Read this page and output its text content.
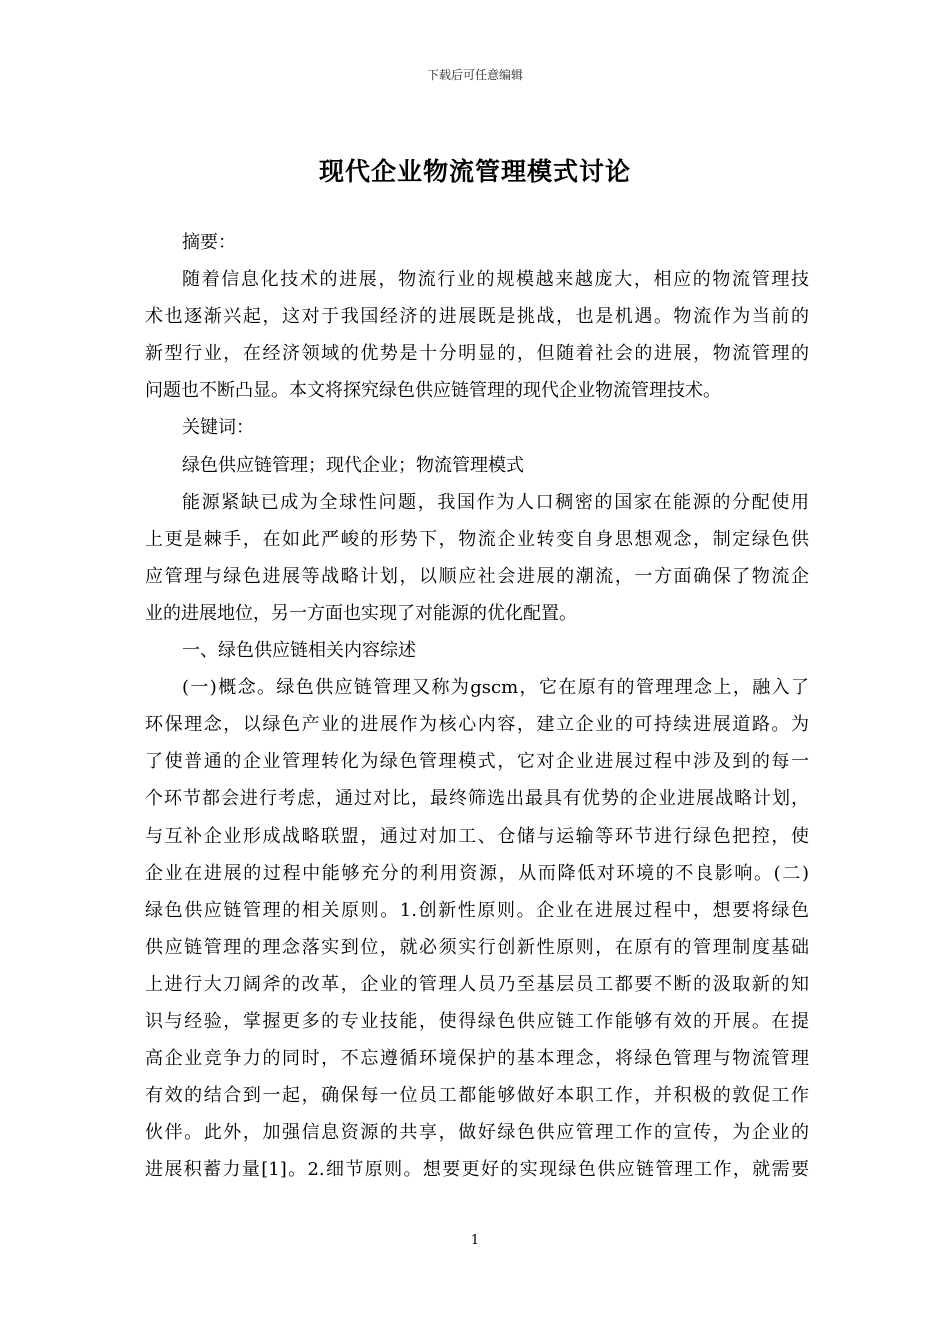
下载后可任意编辑
现代企业物流管理模式讨论
摘要：
随着信息化技术的进展，物流行业的规模越来越庞大，相应的物流管理技
术也逐渐兴起，这对于我国经济的进展既是挑战，也是机遇。物流作为当前的
新型行业，在经济领域的优势是十分明显的，但随着社会的进展，物流管理的
问题也不断凸显。本文将探究绿色供应链管理的现代企业物流管理技术。
关键词：
绿色供应链管理；现代企业；物流管理模式
能源紧缺已成为全球性问题，我国作为人口稠密的国家在能源的分配使用
上更是棘手，在如此严峻的形势下，物流企业转变自身思想观念，制定绿色供
应管理与绿色进展等战略计划，以顺应社会进展的潮流，一方面确保了物流企
业的进展地位，另一方面也实现了对能源的优化配置。
一、绿色供应链相关内容综述
(一)概念。绿色供应链管理又称为gscm，它在原有的管理理念上，融入了
环保理念，以绿色产业的进展作为核心内容，建立企业的可持续进展道路。为
了使普通的企业管理转化为绿色管理模式，它对企业进展过程中涉及到的每一
个环节都会进行考虑，通过对比，最终筛选出最具有优势的企业进展战略计划，
与互补企业形成战略联盟，通过对加工、仓储与运输等环节进行绿色把控，使
企业在进展的过程中能够充分的利用资源，从而降低对环境的不良影响。(二)
绿色供应链管理的相关原则。1.创新性原则。企业在进展过程中，想要将绿色
供应链管理的理念落实到位，就必须实行创新性原则，在原有的管理制度基础
上进行大刀阔斧的改革，企业的管理人员乃至基层员工都要不断的汲取新的知
识与经验，掌握更多的专业技能，使得绿色供应链工作能够有效的开展。在提
高企业竞争力的同时，不忘遵循环境保护的基本理念，将绿色管理与物流管理
有效的结合到一起，确保每一位员工都能够做好本职工作，并积极的敦促工作
伙伴。此外，加强信息资源的共享，做好绿色供应管理工作的宣传，为企业的
进展积蓄力量[1]。2.细节原则。想要更好的实现绿色供应链管理工作，就需要
1
